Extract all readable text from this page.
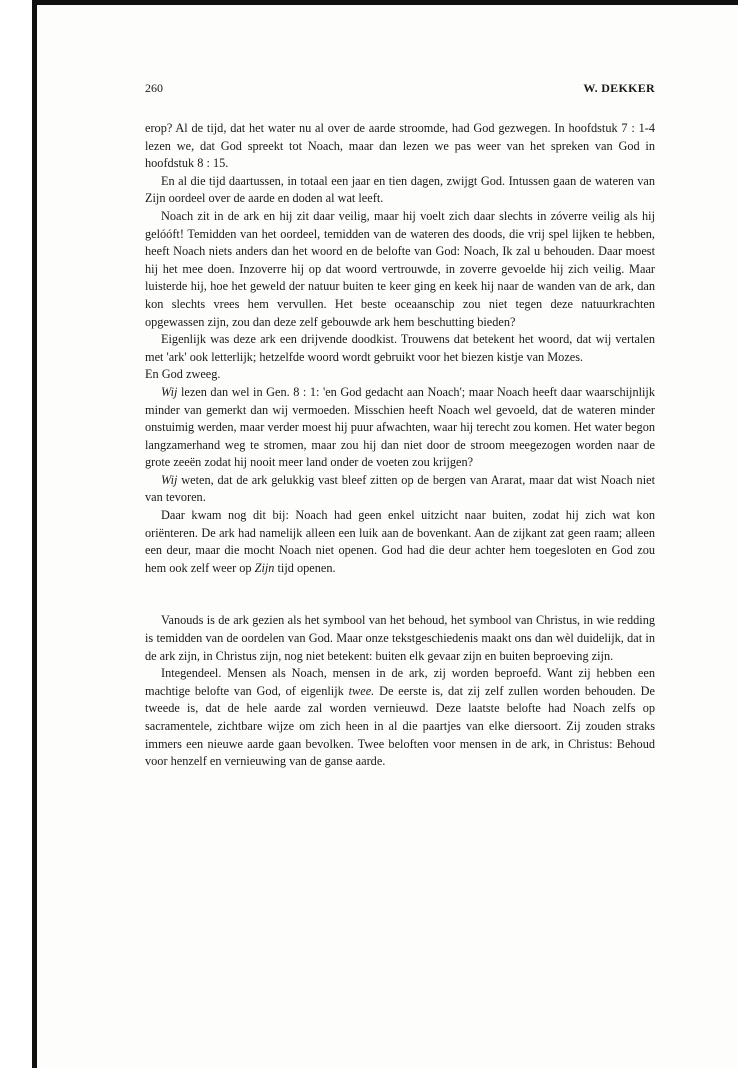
260	W. DEKKER

erop? Al de tijd, dat het water nu al over de aarde stroomde, had God gezwegen. In hoofdstuk 7 : 1-4 lezen we, dat God spreekt tot Noach, maar dan lezen we pas weer van het spreken van God in hoofdstuk 8 : 15.

En al die tijd daartussen, in totaal een jaar en tien dagen, zwijgt God. Intussen gaan de wateren van Zijn oordeel over de aarde en doden al wat leeft.

Noach zit in de ark en hij zit daar veilig, maar hij voelt zich daar slechts in zóverre veilig als hij gelóóft! Temidden van het oordeel, temidden van de wateren des doods, die vrij spel lijken te hebben, heeft Noach niets anders dan het woord en de belofte van God: Noach, Ik zal u behouden. Daar moest hij het mee doen. Inzoverre hij op dat woord vertrouwde, in zoverre gevoelde hij zich veilig. Maar luisterde hij, hoe het geweld der natuur buiten te keer ging en keek hij naar de wanden van de ark, dan kon slechts vrees hem vervullen. Het beste oceaanschip zou niet tegen deze natuurkrachten opgewassen zijn, zou dan deze zelf gebouwde ark hem beschutting bieden?

Eigenlijk was deze ark een drijvende doodkist. Trouwens dat betekent het woord, dat wij vertalen met 'ark' ook letterlijk; hetzelfde woord wordt gebruikt voor het biezen kistje van Mozes.

En God zweeg.

Wij lezen dan wel in Gen. 8 : 1: 'en God gedacht aan Noach'; maar Noach heeft daar waarschijnlijk minder van gemerkt dan wij vermoeden. Misschien heeft Noach wel gevoeld, dat de wateren minder onstuimig werden, maar verder moest hij puur afwachten, waar hij terecht zou komen. Het water begon langzamerhand weg te stromen, maar zou hij dan niet door de stroom meegezogen worden naar de grote zeeën zodat hij nooit meer land onder de voeten zou krijgen?

Wij weten, dat de ark gelukkig vast bleef zitten op de bergen van Ararat, maar dat wist Noach niet van tevoren.

Daar kwam nog dit bij: Noach had geen enkel uitzicht naar buiten, zodat hij zich wat kon oriënteren. De ark had namelijk alleen een luik aan de bovenkant. Aan de zijkant zat geen raam; alleen een deur, maar die mocht Noach niet openen. God had die deur achter hem toegesloten en God zou hem ook zelf weer op Zijn tijd openen.

Vanouds is de ark gezien als het symbool van het behoud, het symbool van Christus, in wie redding is temidden van de oordelen van God. Maar onze tekstgeschiedenis maakt ons dan wèl duidelijk, dat in de ark zijn, in Christus zijn, nog niet betekent: buiten elk gevaar zijn en buiten beproeving zijn.

Integendeel. Mensen als Noach, mensen in de ark, zij worden beproefd. Want zij hebben een machtige belofte van God, of eigenlijk twee. De eerste is, dat zij zelf zullen worden behouden. De tweede is, dat de hele aarde zal worden vernieuwd. Deze laatste belofte had Noach zelfs op sacramentele, zichtbare wijze om zich heen in al die paartjes van elke diersoort. Zij zouden straks immers een nieuwe aarde gaan bevolken. Twee beloften voor mensen in de ark, in Christus: Behoud voor henzelf en vernieuwing van de ganse aarde.
